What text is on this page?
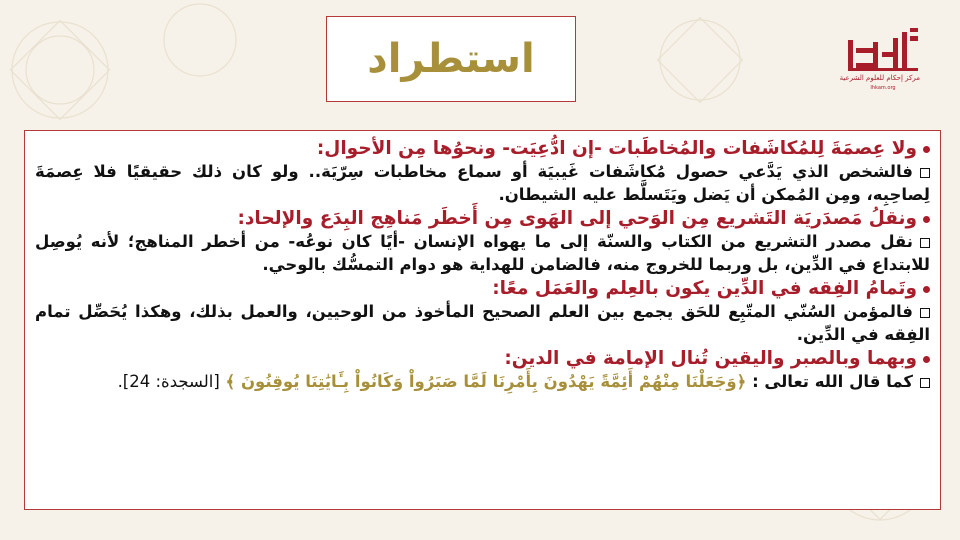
استطراد	مركز إحكام للعلوم الشرعية
Ihkam.org

ولا عِصمَةَ لِلمُكاشَفات والمُخاطَبات -إن ادُّعِيَت- ونحوُها مِن الأحوال:

فالشخص الذي يَدَّعي حصول مُكاشَفات غَيبيَة أو سماع مخاطبات سِرّيَة.. ولو كان ذلك حقيقيًا فلا عِصمَةَ لِصاحِبِه، ومِن المُمكن أن يَضل ويَتَسلَّط عليه الشيطان.

ونقلُ مَصدَريَة التَشريع مِن الوَحي إلى الهَوى مِن أَخطَر مَناهِج البِدَع والإلحاد:

نقل مصدر التشريع من الكتاب والسنّة إلى ما يهواه الإنسان -أيًا كان نوعُه- من أخطر المناهج؛ لأنه يُوصِل للابتداع في الدِّين، بل وربما للخروج منه، فالضامن للهداية هو دوام التمسُّك بالوحي.

وتَمامُ الفِقه في الدِّين يكون بالعِلم والعَمَل معًا:

فالمؤمن السُنّي المتّبِع للحَق يجمع بين العلم الصحيح المأخوذ من الوحيين، والعمل بذلك، وهكذا يُحَصِّل تمام الفِقه في الدِّين.

وبهما وبالصبر واليقين تُنال الإمامة في الدين:

كما قال الله تعالى : ﴿وَجَعَلْنَا مِنْهُمْ أَئِمَّةً يَهْدُونَ بِأَمْرِنَا لَمَّا صَبَرُواْ وَكَانُواْ بِـَٔايَٰتِنَا يُوقِنُونَ ﴾ [السجدة: 24].
